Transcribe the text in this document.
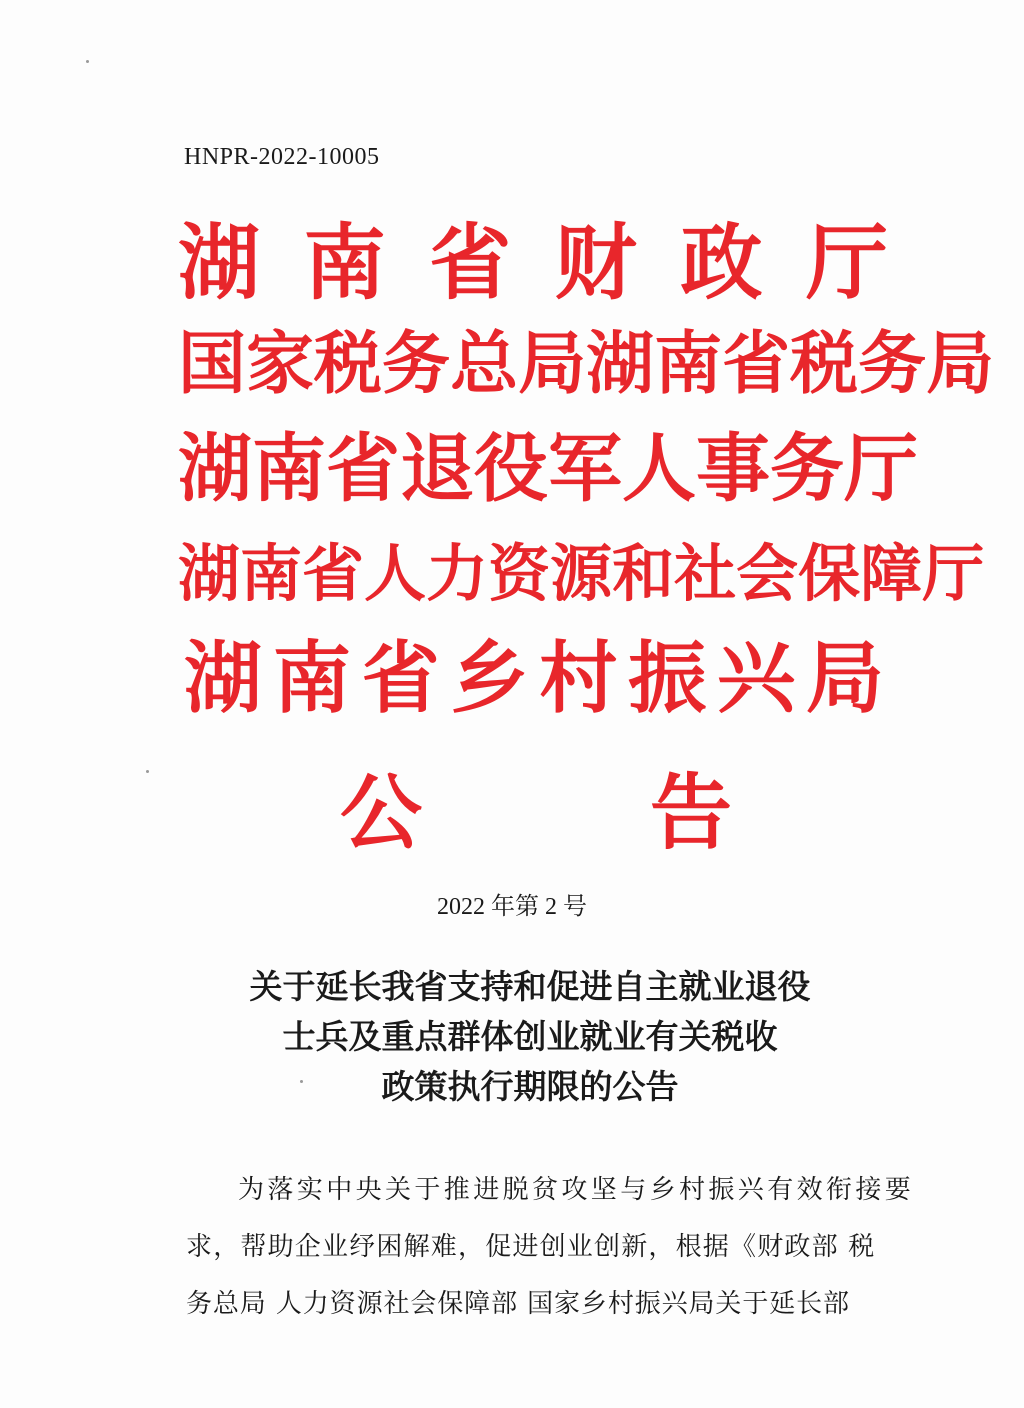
HNPR-2022-10005
湖 南 省 财 政 厅
国 家 税 务 总 局 湖 南 省 税 务 局
湖 南 省 退 役 军 人 事 务 厅
湖 南 省 人 力 资 源 和 社 会 保 障 厅
湖 南 省 乡 村 振 兴 局
公	告
2022 年第 2 号
关于延长我省支持和促进自主就业退役
士兵及重点群体创业就业有关税收
政策执行期限的公告
为落实中央关于推进脱贫攻坚与乡村振兴有效衔接要
求，帮助企业纾困解难，促进创业创新，根据《财政部 税
务总局 人力资源社会保障部 国家乡村振兴局关于延长部
